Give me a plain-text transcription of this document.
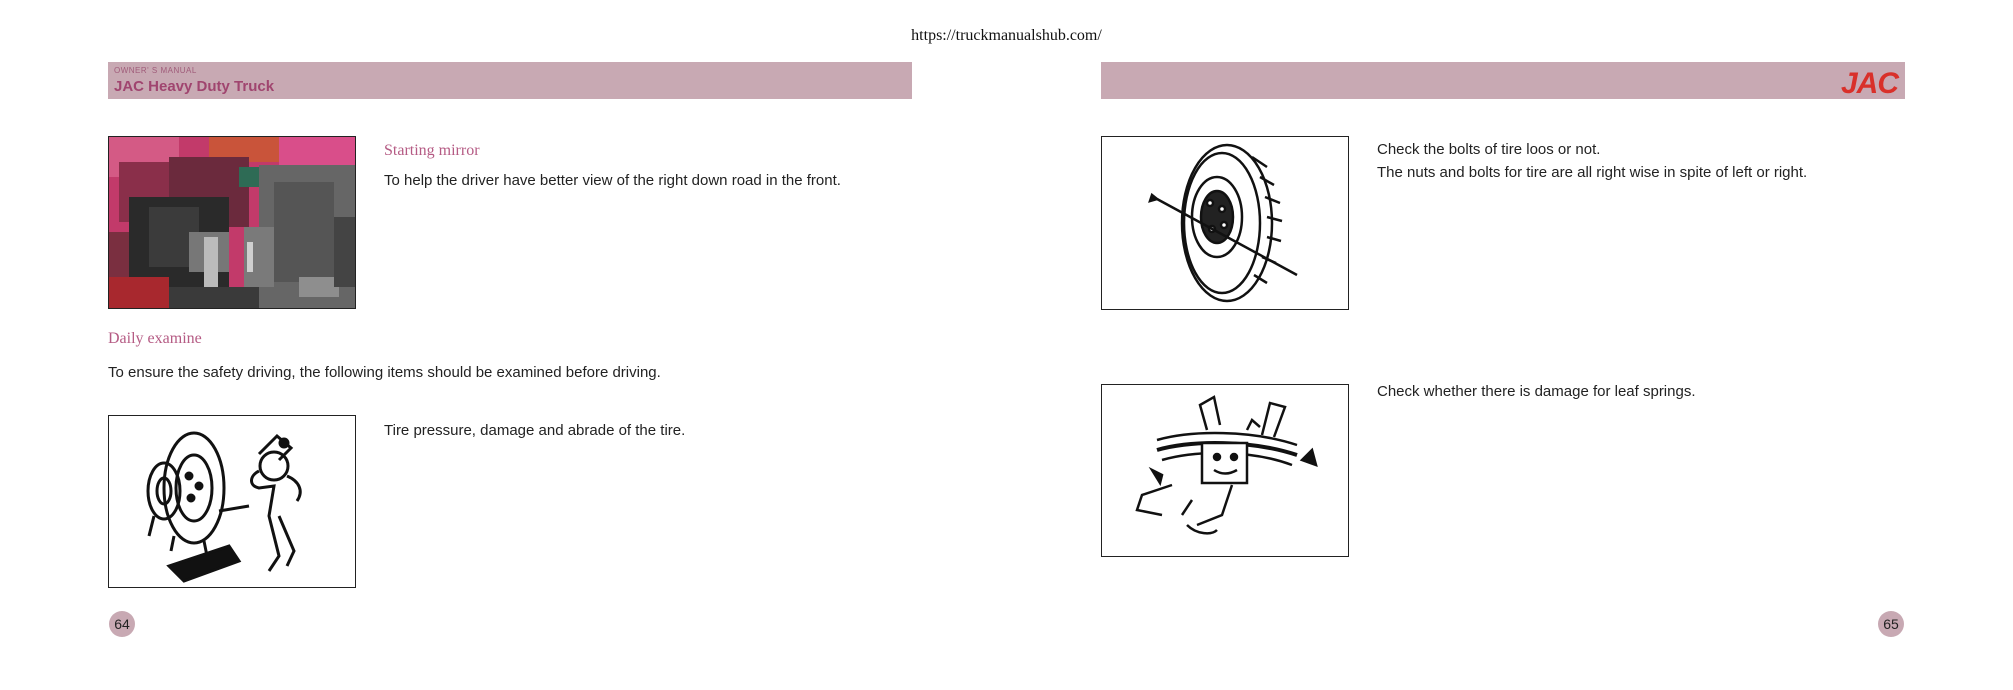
https://truckmanualshub.com/
OWNER' S MANUAL
JAC Heavy Duty Truck	JAC
Starting mirror
To help the driver have better view of the right down road in the front.
Daily examine
To ensure the safety driving, the following items should be examined before driving.
Tire pressure, damage and abrade of the tire.
64
Check the bolts of tire loos or not.
The nuts and bolts for tire are all right wise in spite of left or right.
Check whether there is damage for leaf springs.
65
